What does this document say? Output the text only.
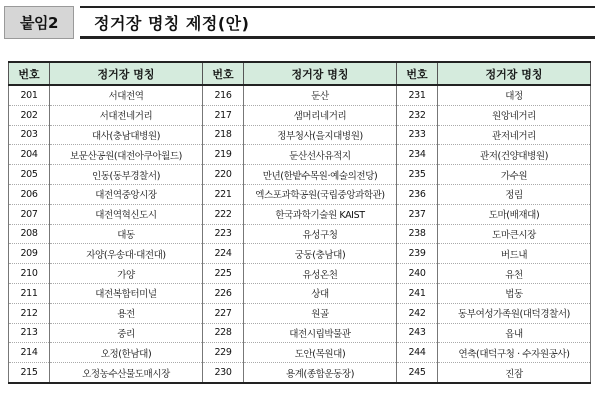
붙임2	정거장 명칭 제정(안)
번호	정거장 명칭	번호	정거장 명칭	번호	정거장 명칭
201	서대전역	216	둔산	231	대정
202	서대전네거리	217	샘머리네거리	232	원앙네거리
203	대사(충남대병원)	218	정부청사(을지대병원)	233	관저네거리
204	보문산공원(대전아쿠아월드)	219	둔산선사유적지	234	관저(건양대병원)
205	인동(동부경찰서)	220	만년(한밭수목원·예술의전당)	235	가수원
206	대전역중앙시장	221	엑스포과학공원(국립중앙과학관)	236	정림
207	대전역혁신도시	222	한국과학기술원 KAIST	237	도마(배재대)
208	대동	223	유성구청	238	도마큰시장
209	자양(우송대·대전대)	224	궁동(충남대)	239	버드내
210	가양	225	유성온천	240	유천
211	대전복합터미널	226	상대	241	법동
212	용전	227	원골	242	동부여성가족원(대덕경찰서)
213	중리	228	대전시립박물관	243	읍내
214	오정(한남대)	229	도안(목원대)	244	연축(대덕구청 · 수자원공사)
215	오정농수산물도매시장	230	용계(종합운동장)	245	진잠
